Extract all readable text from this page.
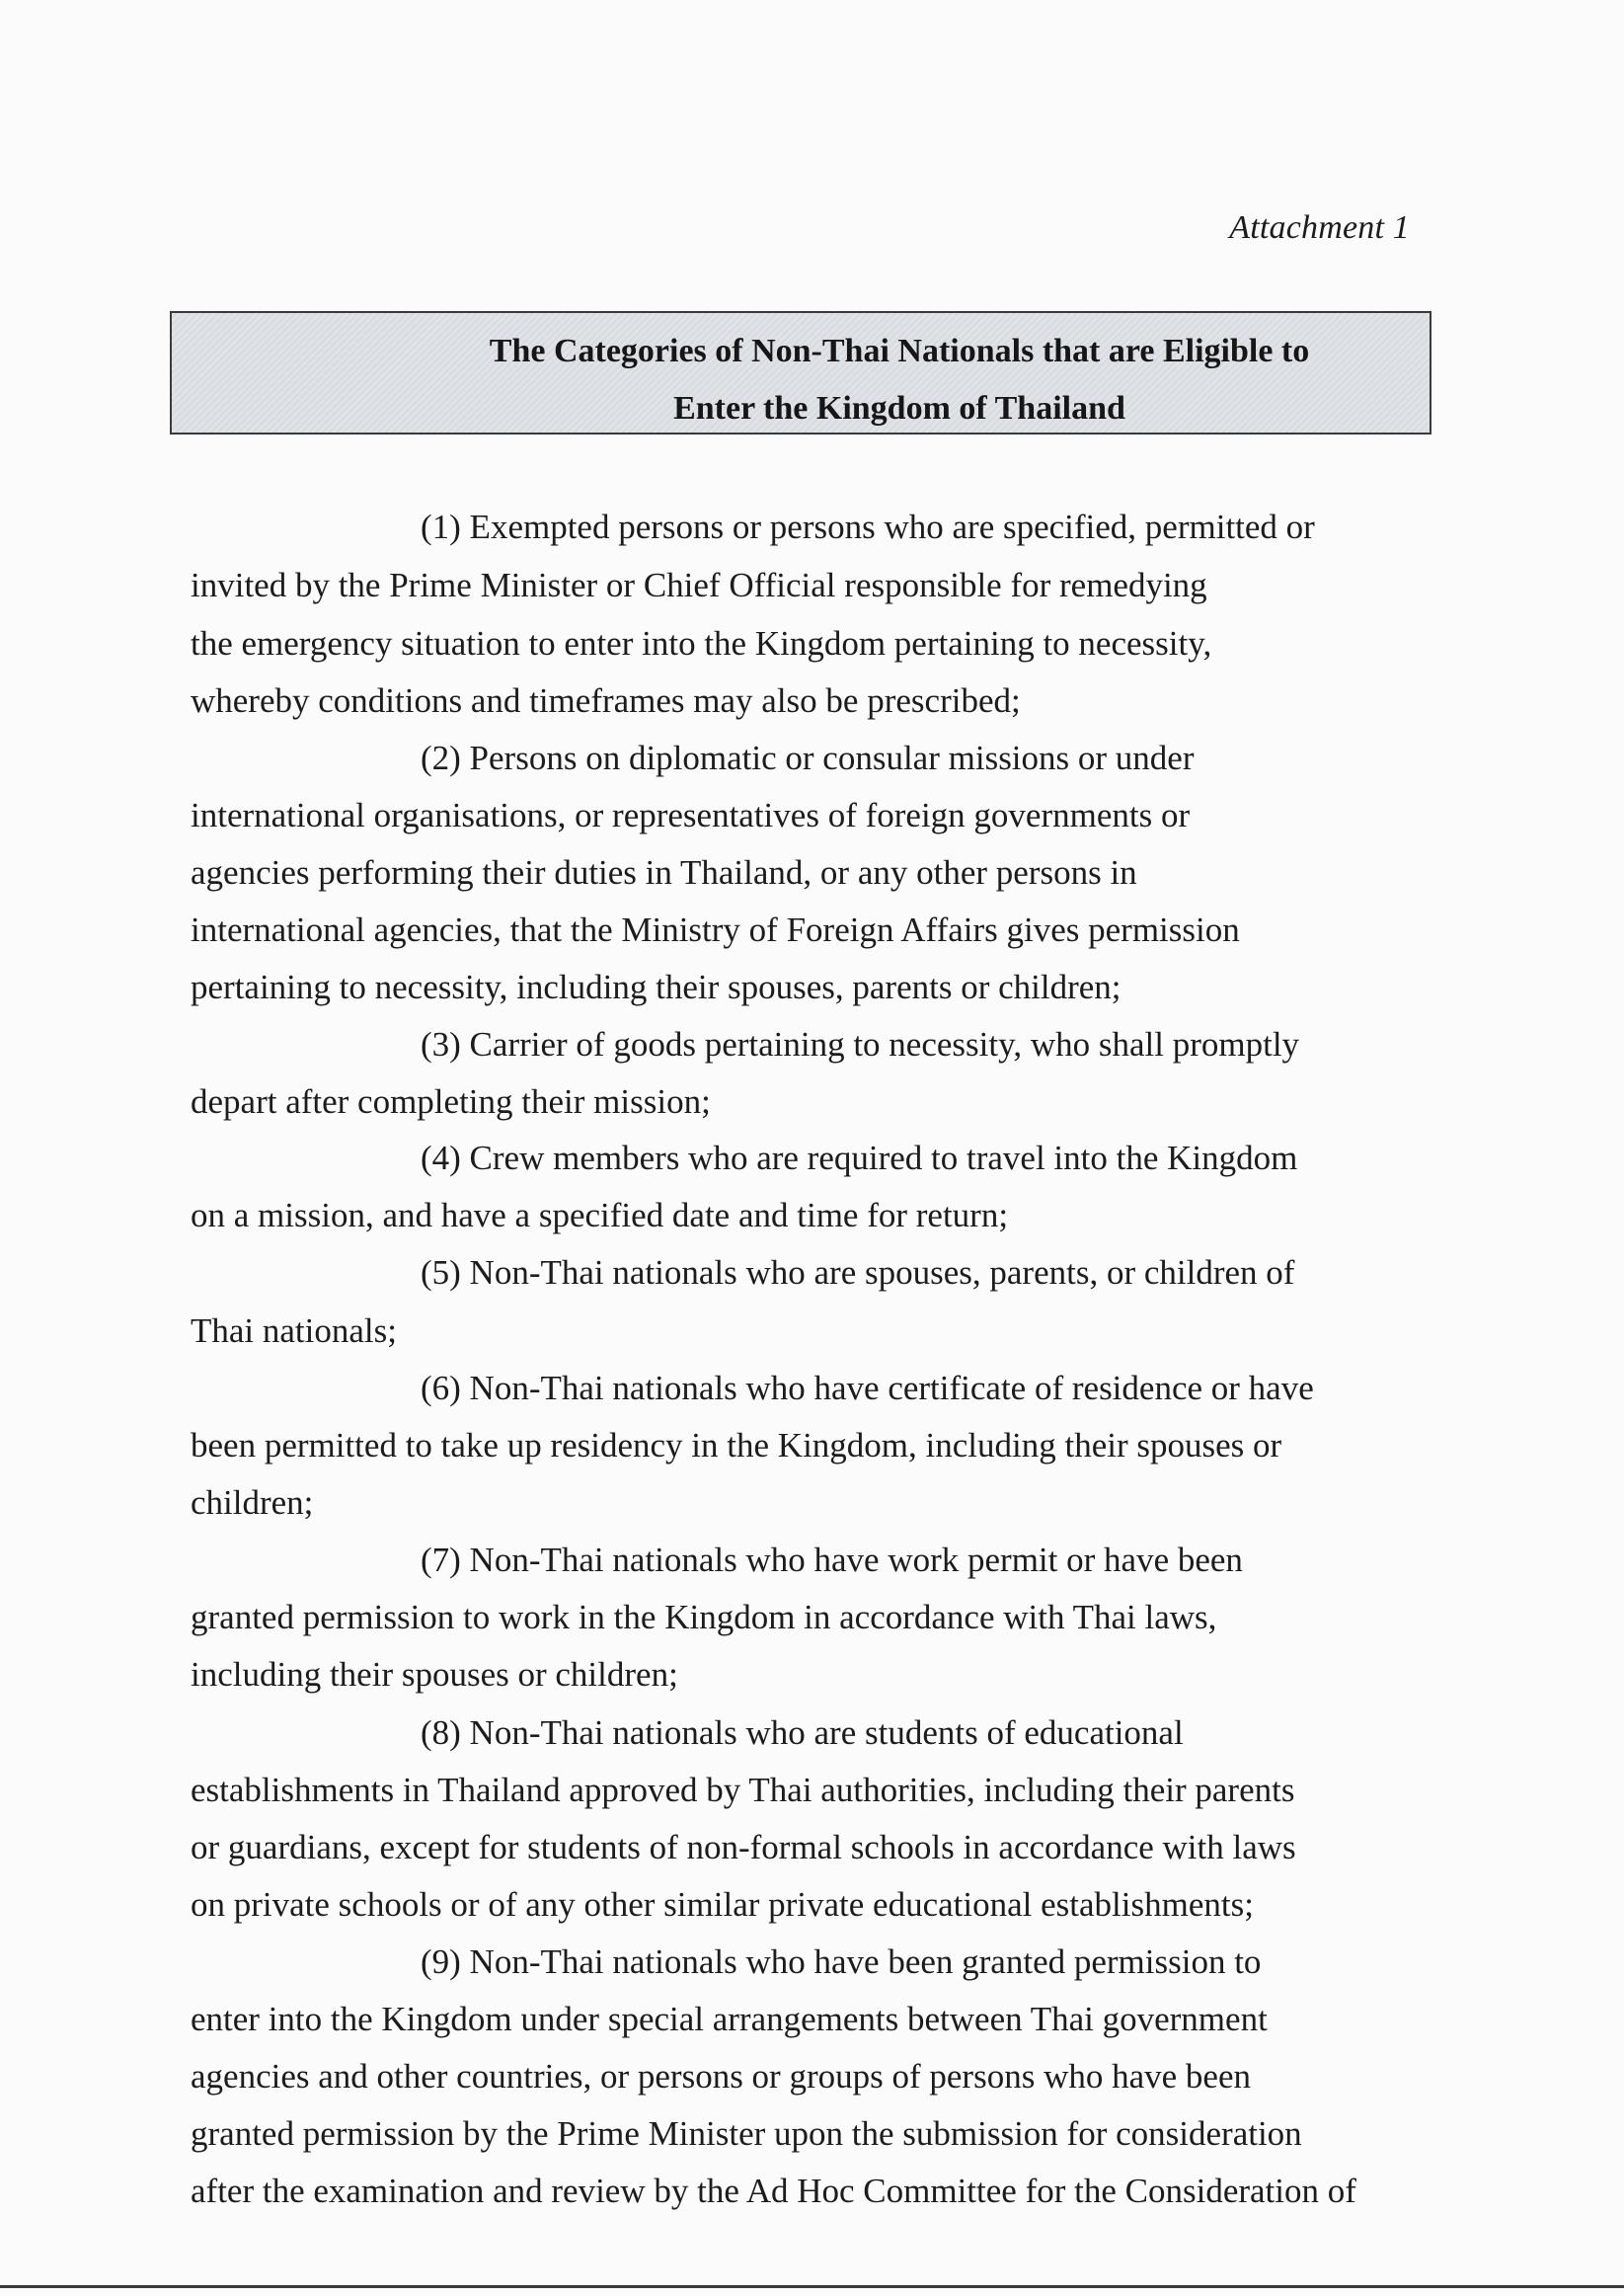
Attachment 1
The Categories of Non-Thai Nationals that are Eligible to
Enter the Kingdom of Thailand
(1) Exempted persons or persons who are specified, permitted or
invited by the Prime Minister or Chief Official responsible for remedying
the emergency situation to enter into the Kingdom pertaining to necessity,
whereby conditions and timeframes may also be prescribed;
(2) Persons on diplomatic or consular missions or under
international organisations, or representatives of foreign governments or
agencies performing their duties in Thailand, or any other persons in
international agencies, that the Ministry of Foreign Affairs gives permission
pertaining to necessity, including their spouses, parents or children;
(3) Carrier of goods pertaining to necessity, who shall promptly
depart after completing their mission;
(4) Crew members who are required to travel into the Kingdom
on a mission, and have a specified date and time for return;
(5) Non-Thai nationals who are spouses, parents, or children of
Thai nationals;
(6) Non-Thai nationals who have certificate of residence or have
been permitted to take up residency in the Kingdom, including their spouses or
children;
(7) Non-Thai nationals who have work permit or have been
granted permission to work in the Kingdom in accordance with Thai laws,
including their spouses or children;
(8) Non-Thai nationals who are students of educational
establishments in Thailand approved by Thai authorities, including their parents
or guardians, except for students of non-formal schools in accordance with laws
on private schools or of any other similar private educational establishments;
(9) Non-Thai nationals who have been granted permission to
enter into the Kingdom under special arrangements between Thai government
agencies and other countries, or persons or groups of persons who have been
granted permission by the Prime Minister upon the submission for consideration
after the examination and review by the Ad Hoc Committee for the Consideration of
